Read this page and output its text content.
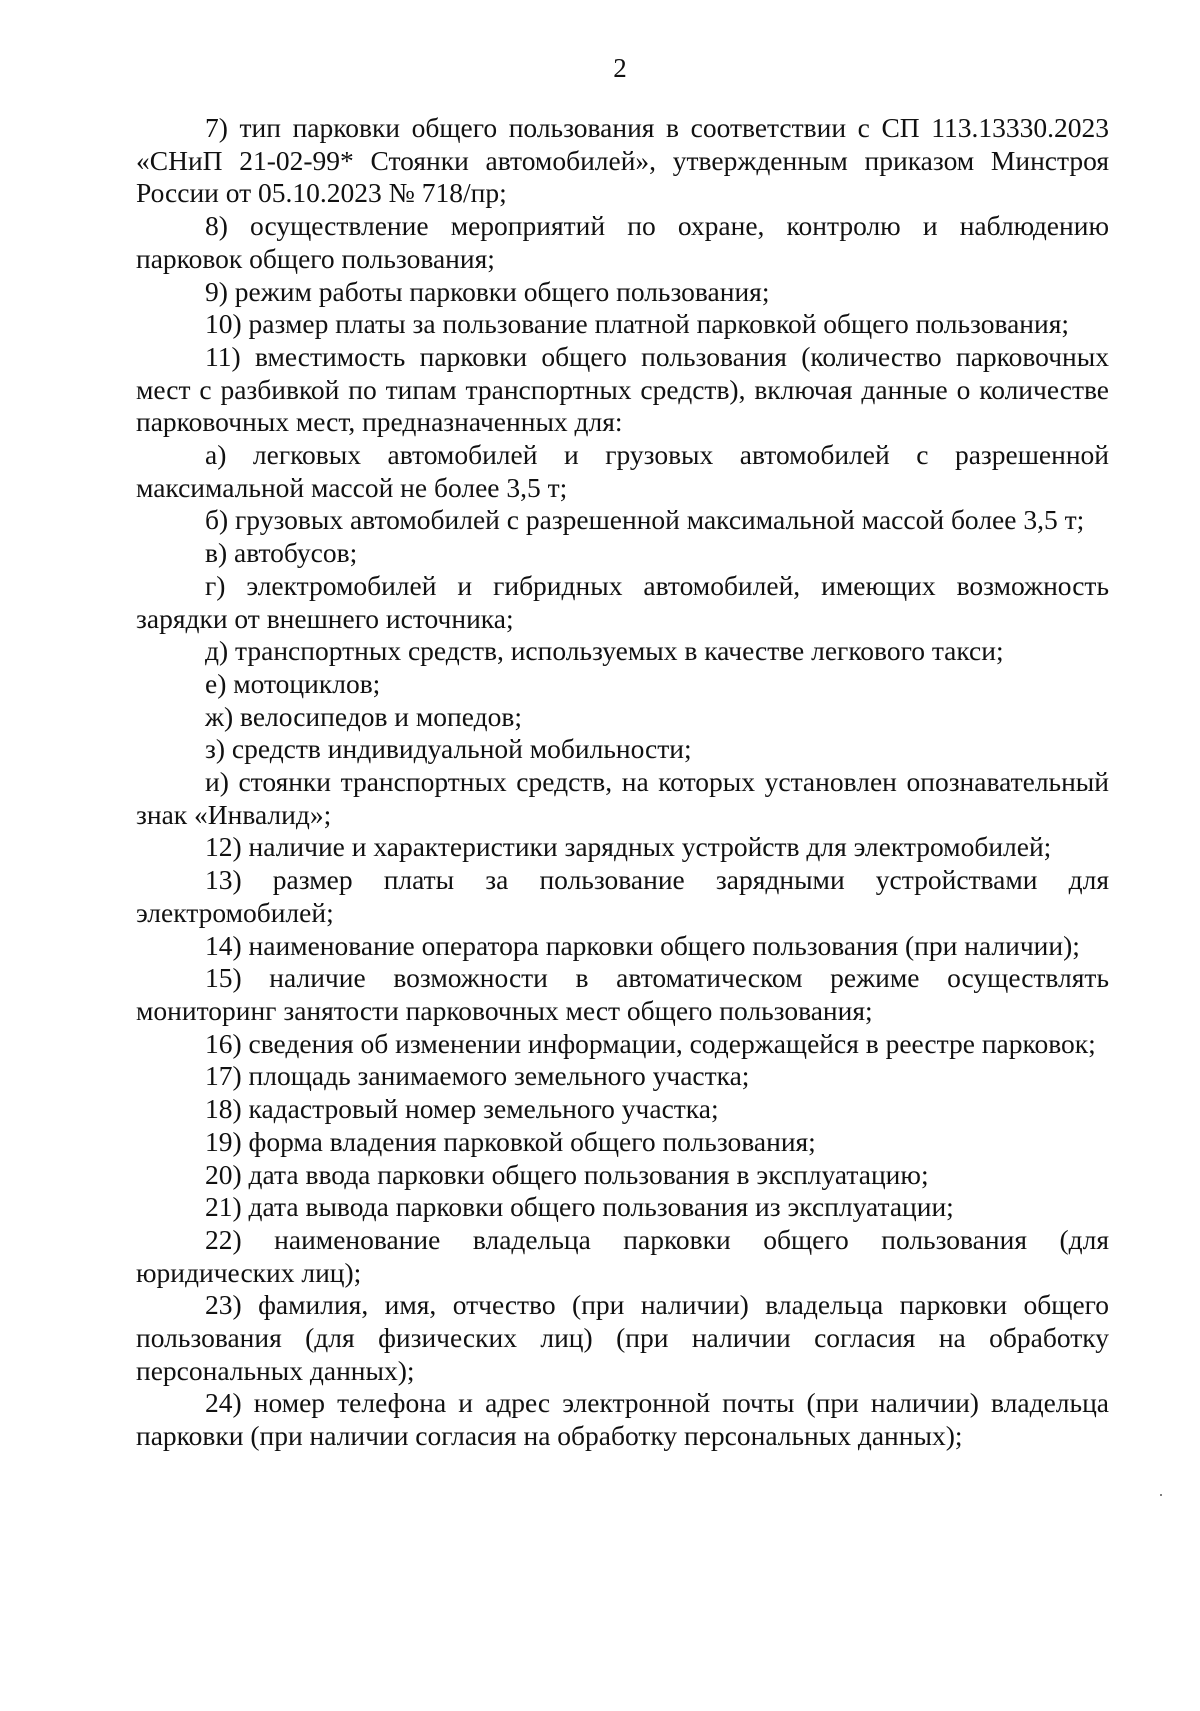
2

7) тип парковки общего пользования в соответствии с СП 113.13330.2023 «СНиП 21-02-99* Стоянки автомобилей», утвержденным приказом Минстроя России от 05.10.2023 № 718/пр;

8) осуществление мероприятий по охране, контролю и наблюдению парковок общего пользования;

9) режим работы парковки общего пользования;

10) размер платы за пользование платной парковкой общего пользования;

11) вместимость парковки общего пользования (количество парковочных мест с разбивкой по типам транспортных средств), включая данные о количестве парковочных мест, предназначенных для:

а) легковых автомобилей и грузовых автомобилей с разрешенной максимальной массой не более 3,5 т;

б) грузовых автомобилей с разрешенной максимальной массой более 3,5 т;

в) автобусов;

г) электромобилей и гибридных автомобилей, имеющих возможность зарядки от внешнего источника;

д) транспортных средств, используемых в качестве легкового такси;

е) мотоциклов;

ж) велосипедов и мопедов;

з) средств индивидуальной мобильности;

и) стоянки транспортных средств, на которых установлен опознавательный знак «Инвалид»;

12) наличие и характеристики зарядных устройств для электромобилей;

13) размер платы за пользование зарядными устройствами для электромобилей;

14) наименование оператора парковки общего пользования (при наличии);

15) наличие возможности в автоматическом режиме осуществлять мониторинг занятости парковочных мест общего пользования;

16) сведения об изменении информации, содержащейся в реестре парковок;

17) площадь занимаемого земельного участка;

18) кадастровый номер земельного участка;

19) форма владения парковкой общего пользования;

20) дата ввода парковки общего пользования в эксплуатацию;

21) дата вывода парковки общего пользования из эксплуатации;

22) наименование владельца парковки общего пользования (для юридических лиц);

23) фамилия, имя, отчество (при наличии) владельца парковки общего пользования (для физических лиц) (при наличии согласия на обработку персональных данных);

24) номер телефона и адрес электронной почты (при наличии) владельца парковки (при наличии согласия на обработку персональных данных);
